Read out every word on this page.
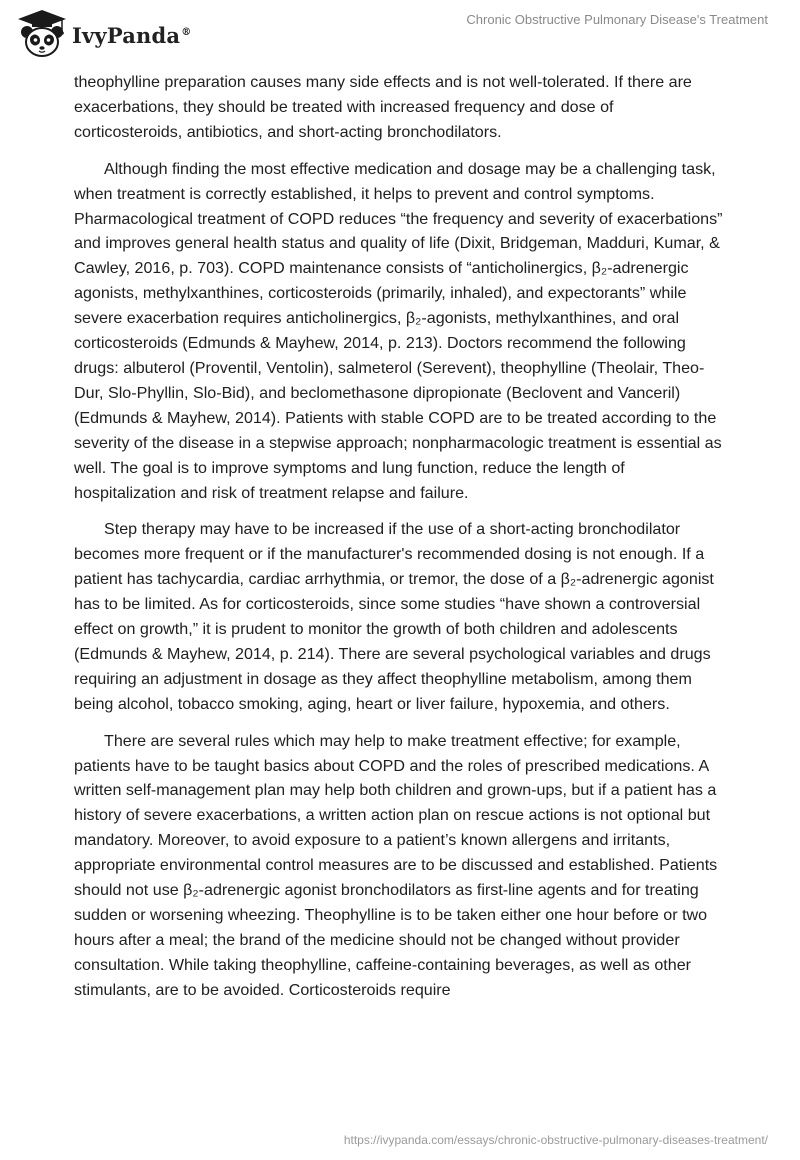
IvyPanda®
Chronic Obstructive Pulmonary Disease's Treatment

theophylline preparation causes many side effects and is not well-tolerated. If there are exacerbations, they should be treated with increased frequency and dose of corticosteroids, antibiotics, and short-acting bronchodilators.

Although finding the most effective medication and dosage may be a challenging task, when treatment is correctly established, it helps to prevent and control symptoms. Pharmacological treatment of COPD reduces “the frequency and severity of exacerbations” and improves general health status and quality of life (Dixit, Bridgeman, Madduri, Kumar, & Cawley, 2016, p. 703). COPD maintenance consists of “anticholinergics, β₂-adrenergic agonists, methylxanthines, corticosteroids (primarily, inhaled), and expectorants” while severe exacerbation requires anticholinergics, β₂-agonists, methylxanthines, and oral corticosteroids (Edmunds & Mayhew, 2014, p. 213). Doctors recommend the following drugs: albuterol (Proventil, Ventolin), salmeterol (Serevent), theophylline (Theolair, Theo-Dur, Slo-Phyllin, Slo-Bid), and beclomethasone dipropionate (Beclovent and Vanceril) (Edmunds & Mayhew, 2014). Patients with stable COPD are to be treated according to the severity of the disease in a stepwise approach; nonpharmacologic treatment is essential as well. The goal is to improve symptoms and lung function, reduce the length of hospitalization and risk of treatment relapse and failure.

Step therapy may have to be increased if the use of a short-acting bronchodilator becomes more frequent or if the manufacturer's recommended dosing is not enough. If a patient has tachycardia, cardiac arrhythmia, or tremor, the dose of a β₂-adrenergic agonist has to be limited. As for corticosteroids, since some studies “have shown a controversial effect on growth,” it is prudent to monitor the growth of both children and adolescents (Edmunds & Mayhew, 2014, p. 214). There are several psychological variables and drugs requiring an adjustment in dosage as they affect theophylline metabolism, among them being alcohol, tobacco smoking, aging, heart or liver failure, hypoxemia, and others.

There are several rules which may help to make treatment effective; for example, patients have to be taught basics about COPD and the roles of prescribed medications. A written self-management plan may help both children and grown-ups, but if a patient has a history of severe exacerbations, a written action plan on rescue actions is not optional but mandatory. Moreover, to avoid exposure to a patient’s known allergens and irritants, appropriate environmental control measures are to be discussed and established. Patients should not use β₂-adrenergic agonist bronchodilators as first-line agents and for treating sudden or worsening wheezing. Theophylline is to be taken either one hour before or two hours after a meal; the brand of the medicine should not be changed without provider consultation. While taking theophylline, caffeine-containing beverages, as well as other stimulants, are to be avoided. Corticosteroids require

https://ivypanda.com/essays/chronic-obstructive-pulmonary-diseases-treatment/
